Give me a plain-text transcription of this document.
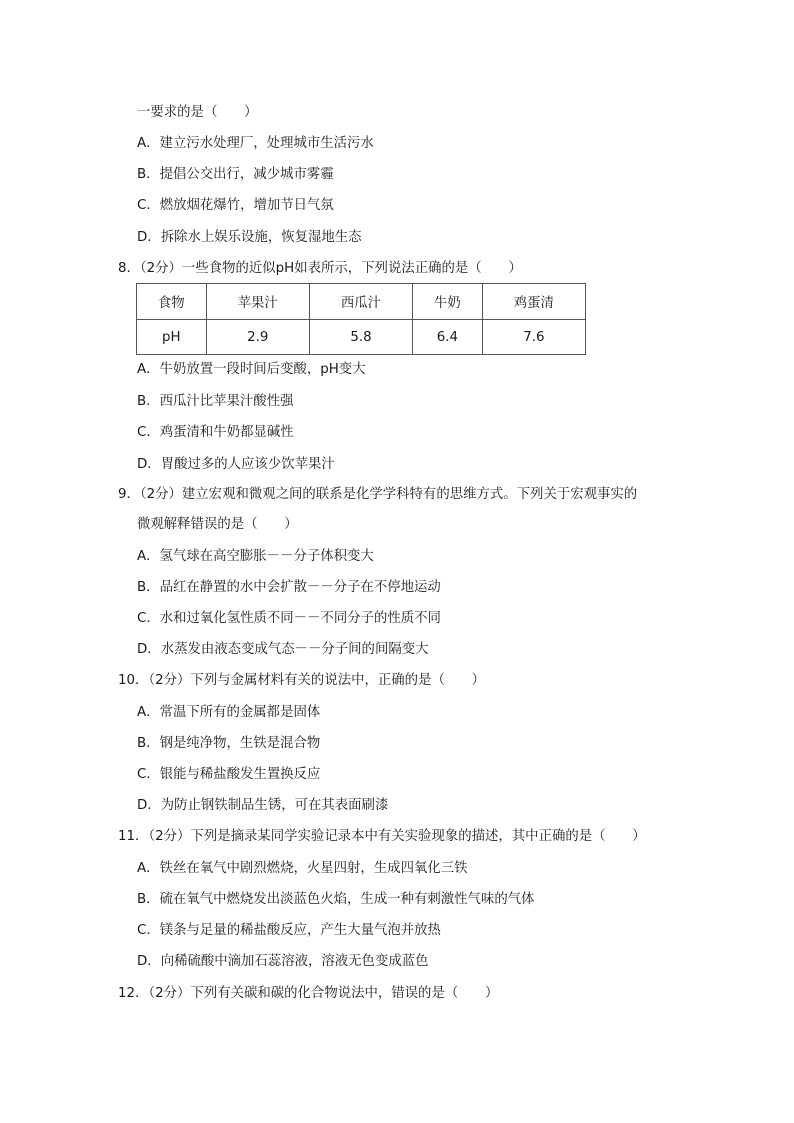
一要求的是（　　）
A．建立污水处理厂，处理城市生活污水
B．提倡公交出行，减少城市雾霾
C．燃放烟花爆竹，增加节日气氛
D．拆除水上娱乐设施，恢复湿地生态
8．（2分）一些食物的近似pH如表所示，下列说法正确的是（　　）
食物	苹果汁	西瓜汁	牛奶	鸡蛋清
pH	2.9	5.8	6.4	7.6
A．牛奶放置一段时间后变酸，pH变大
B．西瓜汁比苹果汁酸性强
C．鸡蛋清和牛奶都显碱性
D．胃酸过多的人应该少饮苹果汁
9．（2分）建立宏观和微观之间的联系是化学学科特有的思维方式。下列关于宏观事实的
微观解释错误的是（　　）
A．氢气球在高空膨胀－－分子体积变大
B．品红在静置的水中会扩散－－分子在不停地运动
C．水和过氧化氢性质不同－－不同分子的性质不同
D．水蒸发由液态变成气态－－分子间的间隔变大
10．（2分）下列与金属材料有关的说法中，正确的是（　　）
A．常温下所有的金属都是固体
B．钢是纯净物，生铁是混合物
C．银能与稀盐酸发生置换反应
D．为防止钢铁制品生锈，可在其表面刷漆
11．（2分）下列是摘录某同学实验记录本中有关实验现象的描述，其中正确的是（　　）
A．铁丝在氧气中剧烈燃烧，火星四射，生成四氧化三铁
B．硫在氧气中燃烧发出淡蓝色火焰，生成一种有刺激性气味的气体
C．镁条与足量的稀盐酸反应，产生大量气泡并放热
D．向稀硫酸中滴加石蕊溶液，溶液无色变成蓝色
12．（2分）下列有关碳和碳的化合物说法中，错误的是（　　）
